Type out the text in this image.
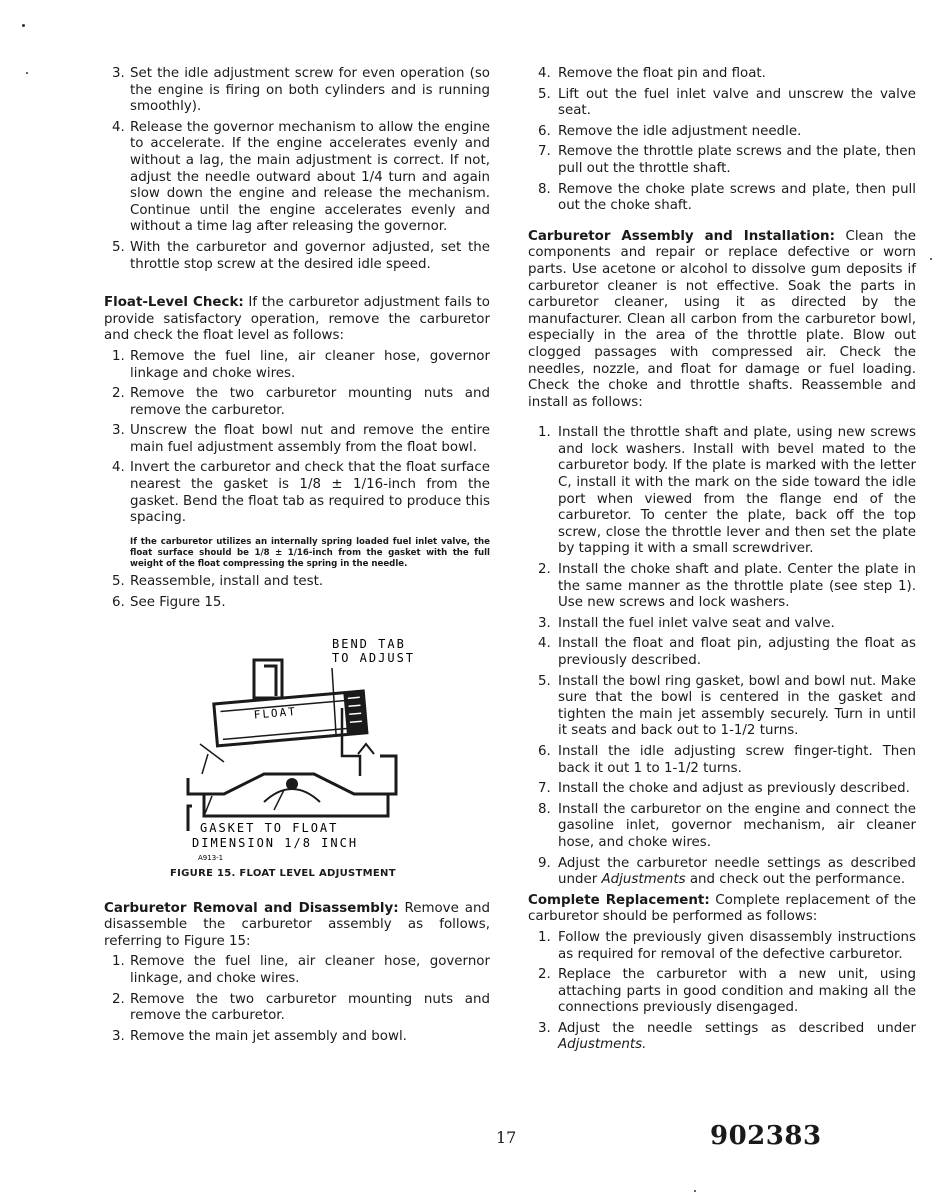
3. Set the idle adjustment screw for even operation (so the engine is firing on both cylinders and is running smoothly).
4. Release the governor mechanism to allow the engine to accelerate. If the engine accelerates evenly and without a lag, the main adjustment is correct. If not, adjust the needle outward about 1/4 turn and again slow down the engine and release the mechanism. Continue until the engine accelerates evenly and without a time lag after releasing the governor.
5. With the carburetor and governor adjusted, set the throttle stop screw at the desired idle speed.

Float-Level Check: If the carburetor adjustment fails to provide satisfactory operation, remove the carburetor and check the float level as follows:

1. Remove the fuel line, air cleaner hose, governor linkage and choke wires.
2. Remove the two carburetor mounting nuts and remove the carburetor.
3. Unscrew the float bowl nut and remove the entire main fuel adjustment assembly from the float bowl.
4. Invert the carburetor and check that the float surface nearest the gasket is 1/8 ± 1/16-inch from the gasket. Bend the float tab as required to produce this spacing.
If the carburetor utilizes an internally spring loaded fuel inlet valve, the float surface should be 1/8 ± 1/16-inch from the gasket with the full weight of the float compressing the spring in the needle.
5. Reassemble, install and test.
6. See Figure 15.
BEND TAB
TO ADJUST
FLOAT
GASKET TO FLOAT
DIMENSION 1/8 INCH
A913-1
FIGURE 15. FLOAT LEVEL ADJUSTMENT

Carburetor Removal and Disassembly: Remove and disassemble the carburetor assembly as follows, referring to Figure 15:

1. Remove the fuel line, air cleaner hose, governor linkage, and choke wires.
2. Remove the two carburetor mounting nuts and remove the carburetor.
3. Remove the main jet assembly and bowl.
4. Remove the float pin and float.
5. Lift out the fuel inlet valve and unscrew the valve seat.
6. Remove the idle adjustment needle.
7. Remove the throttle plate screws and the plate, then pull out the throttle shaft.
8. Remove the choke plate screws and plate, then pull out the choke shaft.

Carburetor Assembly and Installation: Clean the components and repair or replace defective or worn parts. Use acetone or alcohol to dissolve gum deposits if carburetor cleaner is not effective. Soak the parts in carburetor cleaner, using it as directed by the manufacturer. Clean all carbon from the carburetor bowl, especially in the area of the throttle plate. Blow out clogged passages with compressed air. Check the needles, nozzle, and float for damage or fuel loading. Check the choke and throttle shafts. Reassemble and install as follows:

1. Install the throttle shaft and plate, using new screws and lock washers. Install with bevel mated to the carburetor body. If the plate is marked with the letter C, install it with the mark on the side toward the idle port when viewed from the flange end of the carburetor. To center the plate, back off the top screw, close the throttle lever and then set the plate by tapping it with a small screwdriver.
2. Install the choke shaft and plate. Center the plate in the same manner as the throttle plate (see step 1). Use new screws and lock washers.
3. Install the fuel inlet valve seat and valve.
4. Install the float and float pin, adjusting the float as previously described.
5. Install the bowl ring gasket, bowl and bowl nut. Make sure that the bowl is centered in the gasket and tighten the main jet assembly securely. Turn in until it seats and back out to 1-1/2 turns.
6. Install the idle adjusting screw finger-tight. Then back it out 1 to 1-1/2 turns.
7. Install the choke and adjust as previously described.
8. Install the carburetor on the engine and connect the gasoline inlet, governor mechanism, air cleaner hose, and choke wires.
9. Adjust the carburetor needle settings as described under Adjustments and check out the performance.

Complete Replacement: Complete replacement of the carburetor should be performed as follows:

1. Follow the previously given disassembly instructions as required for removal of the defective carburetor.
2. Replace the carburetor with a new unit, using attaching parts in good condition and making all the connections previously disengaged.
3. Adjust the needle settings as described under Adjustments.
17	902383
